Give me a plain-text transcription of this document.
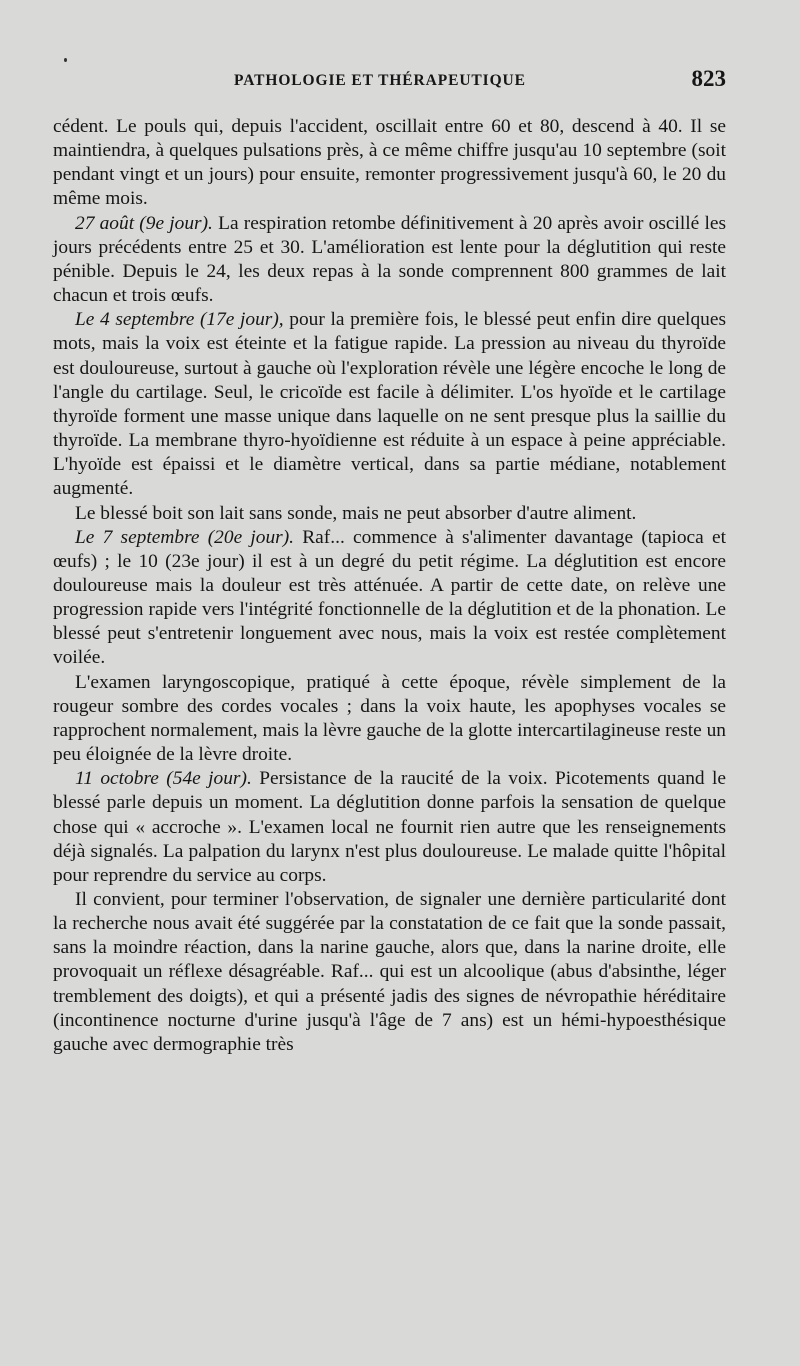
PATHOLOGIE ET THÉRAPEUTIQUE	823

cédent. Le pouls qui, depuis l'accident, oscillait entre 60 et 80, descend à 40. Il se maintiendra, à quelques pulsations près, à ce même chiffre jusqu'au 10 septembre (soit pendant vingt et un jours) pour ensuite, remonter progressivement jusqu'à 60, le 20 du même mois.

27 août (9e jour). La respiration retombe définitivement à 20 après avoir oscillé les jours précédents entre 25 et 30. L'amélioration est lente pour la déglutition qui reste pénible. Depuis le 24, les deux repas à la sonde comprennent 800 grammes de lait chacun et trois œufs.

Le 4 septembre (17e jour), pour la première fois, le blessé peut enfin dire quelques mots, mais la voix est éteinte et la fatigue rapide. La pression au niveau du thyroïde est douloureuse, surtout à gauche où l'exploration révèle une légère encoche le long de l'angle du cartilage. Seul, le cricoïde est facile à délimiter. L'os hyoïde et le cartilage thyroïde forment une masse unique dans laquelle on ne sent presque plus la saillie du thyroïde. La membrane thyro-hyoïdienne est réduite à un espace à peine appréciable. L'hyoïde est épaissi et le diamètre vertical, dans sa partie médiane, notablement augmenté.

Le blessé boit son lait sans sonde, mais ne peut absorber d'autre aliment.

Le 7 septembre (20e jour). Raf... commence à s'alimenter davantage (tapioca et œufs) ; le 10 (23e jour) il est à un degré du petit régime. La déglutition est encore douloureuse mais la douleur est très atténuée. A partir de cette date, on relève une progression rapide vers l'intégrité fonctionnelle de la déglutition et de la phonation. Le blessé peut s'entretenir longuement avec nous, mais la voix est restée complètement voilée.

L'examen laryngoscopique, pratiqué à cette époque, révèle simplement de la rougeur sombre des cordes vocales ; dans la voix haute, les apophyses vocales se rapprochent normalement, mais la lèvre gauche de la glotte intercartilagineuse reste un peu éloignée de la lèvre droite.

11 octobre (54e jour). Persistance de la raucité de la voix. Picotements quand le blessé parle depuis un moment. La déglutition donne parfois la sensation de quelque chose qui « accroche ». L'examen local ne fournit rien autre que les renseignements déjà signalés. La palpation du larynx n'est plus douloureuse. Le malade quitte l'hôpital pour reprendre du service au corps.

Il convient, pour terminer l'observation, de signaler une dernière particularité dont la recherche nous avait été suggérée par la constatation de ce fait que la sonde passait, sans la moindre réaction, dans la narine gauche, alors que, dans la narine droite, elle provoquait un réflexe désagréable. Raf... qui est un alcoolique (abus d'absinthe, léger tremblement des doigts), et qui a présenté jadis des signes de névropathie héréditaire (incontinence nocturne d'urine jusqu'à l'âge de 7 ans) est un hémi-hypoesthésique gauche avec dermographie très
